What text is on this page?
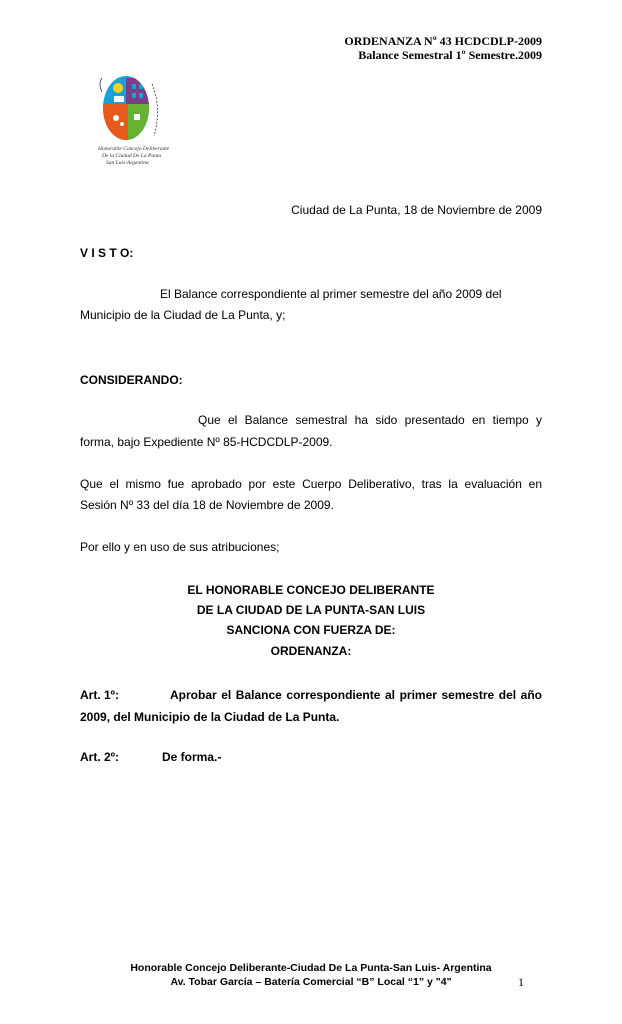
ORDENANZA Nº 43 HCDCDLP-2009
Balance Semestral 1º Semestre.2009
Honorable Concejo Deliberante
De la Ciudad De La Punta
San Luis-Argentina
Ciudad de La Punta, 18 de Noviembre de 2009
V I S T O:
El Balance correspondiente al primer semestre del año 2009 del
Municipio de la Ciudad de La Punta, y;
CONSIDERANDO:
Que el Balance semestral ha sido presentado en tiempo y
forma, bajo Expediente Nº 85-HCDCDLP-2009.
Que el mismo fue aprobado por este Cuerpo Deliberativo, tras la evaluación en
Sesión Nº 33 del día 18 de Noviembre de 2009.
Por ello y en uso de sus atribuciones;
EL HONORABLE CONCEJO DELIBERANTE
DE LA CIUDAD DE LA PUNTA-SAN LUIS
SANCIONA CON FUERZA DE:
ORDENANZA:
Art. 1º:	Aprobar el Balance correspondiente al primer semestre del año
2009, del Municipio de la Ciudad de La Punta.
Art. 2º:	De forma.-
Honorable Concejo Deliberante-Ciudad De La Punta-San Luis- Argentina
Av. Tobar García – Batería Comercial “B” Local “1” y "4"	1
